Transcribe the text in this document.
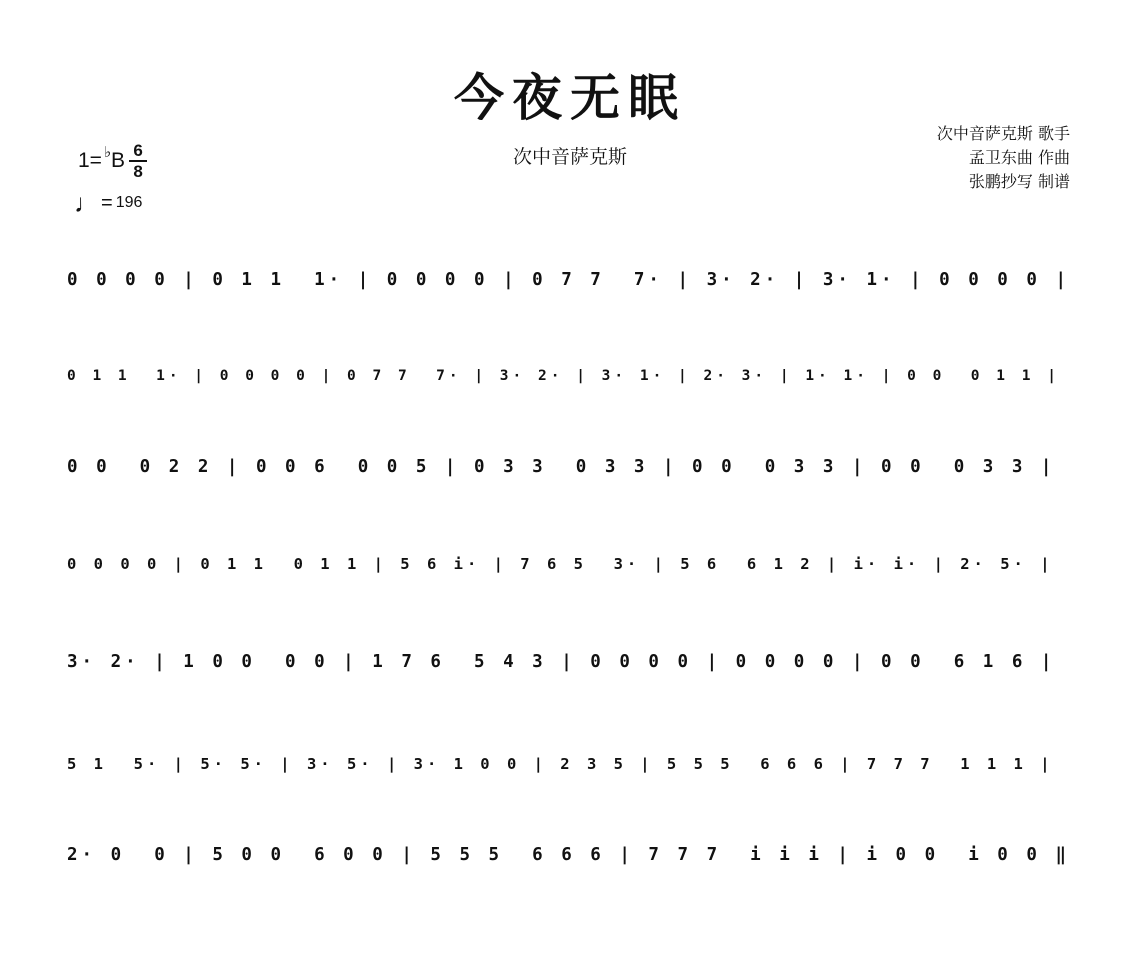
今夜无眠
次中音萨克斯
1= ♭ B $\frac{6}{8}$
♩ = 196
次中音萨克斯 歌手
孟卫东曲 作曲
张鹏抄写 制谱
0 0 0 0 | 0 1 1  1· | 0 0 0 0 | 0 7 7  7· | 3· 2· | 3· 1· | 0 0 0 0 |
0 1 1  1· | 0 0 0 0 | 0 7 7  7· | 3· 2· | 3· 1· | 2· 3· | 1· 1· | 0 0  0 1 1 |
0 0  0 2 2 | 0 0 6  0 0 5 | 0 3 3  0 3 3 | 0 0  0 3 3 | 0 0  0 3 3 |
0 0 0 0 | 0 1 1  0 1 1 | 5 6 i· | 7 6 5  3· | 5 6  6 1 2 | i· i· | 2· 5· |
3· 2· | 1 0 0  0 0 | 1 7 6  5 4 3 | 0 0 0 0 | 0 0 0 0 | 0 0  6 1 6 |
5 1  5· | 5· 5· | 3· 5· | 3· 1 0 0 | 2 3 5 | 5 5 5  6 6 6 | 7 7 7  1 1 1 |
2· 0  0 | 5 0 0  6 0 0 | 5 5 5  6 6 6 | 7 7 7  i i i | i 0 0  i 0 0 ‖
